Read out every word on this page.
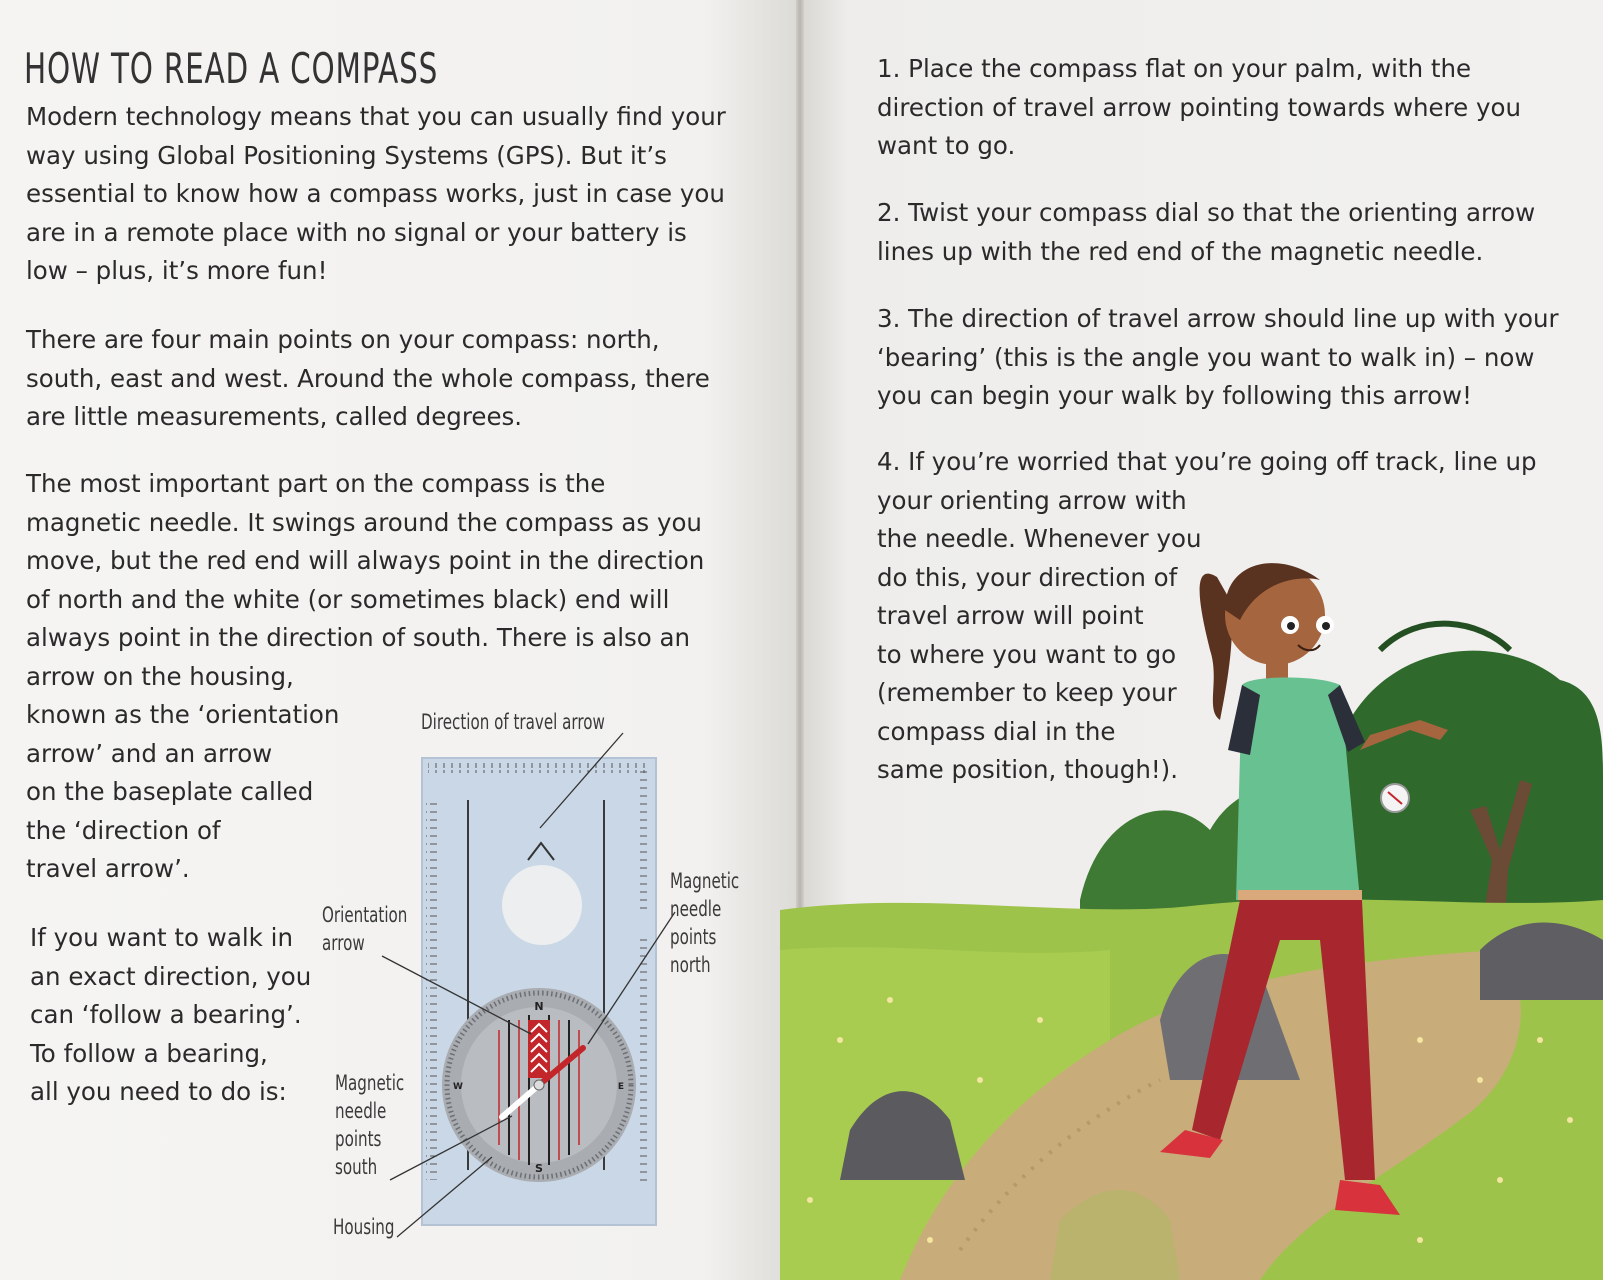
HOW TO READ A COMPASS
Modern technology means that you can usually find your
way using Global Positioning Systems (GPS). But it’s
essential to know how a compass works, just in case you
are in a remote place with no signal or your battery is
low – plus, it’s more fun!
There are four main points on your compass: north,
south, east and west. Around the whole compass, there
are little measurements, called degrees.
The most important part on the compass is the
magnetic needle. It swings around the compass as you
move, but the red end will always point in the direction
of north and the white (or sometimes black) end will
always point in the direction of south. There is also an
arrow on the housing,
known as the ‘orientation
arrow’ and an arrow
on the baseplate called
the ‘direction of
travel arrow’.
If you want to walk in
an exact direction, you
can ‘follow a bearing’.
To follow a bearing,
all you need to do is:
N
S
E
W
Direction of travel arrow
Orientation
arrow
Magnetic
needle
points
north
Magnetic
needle
points
south
Housing
1. Place the compass flat on your palm, with the
direction of travel arrow pointing towards where you
want to go.
2. Twist your compass dial so that the orienting arrow
lines up with the red end of the magnetic needle.
3. The direction of travel arrow should line up with your
‘bearing’ (this is the angle you want to walk in) – now
you can begin your walk by following this arrow!
4. If you’re worried that you’re going off track, line up
your orienting arrow with
the needle. Whenever you
do this, your direction of
travel arrow will point
to where you want to go
(remember to keep your
compass dial in the
same position, though!).
